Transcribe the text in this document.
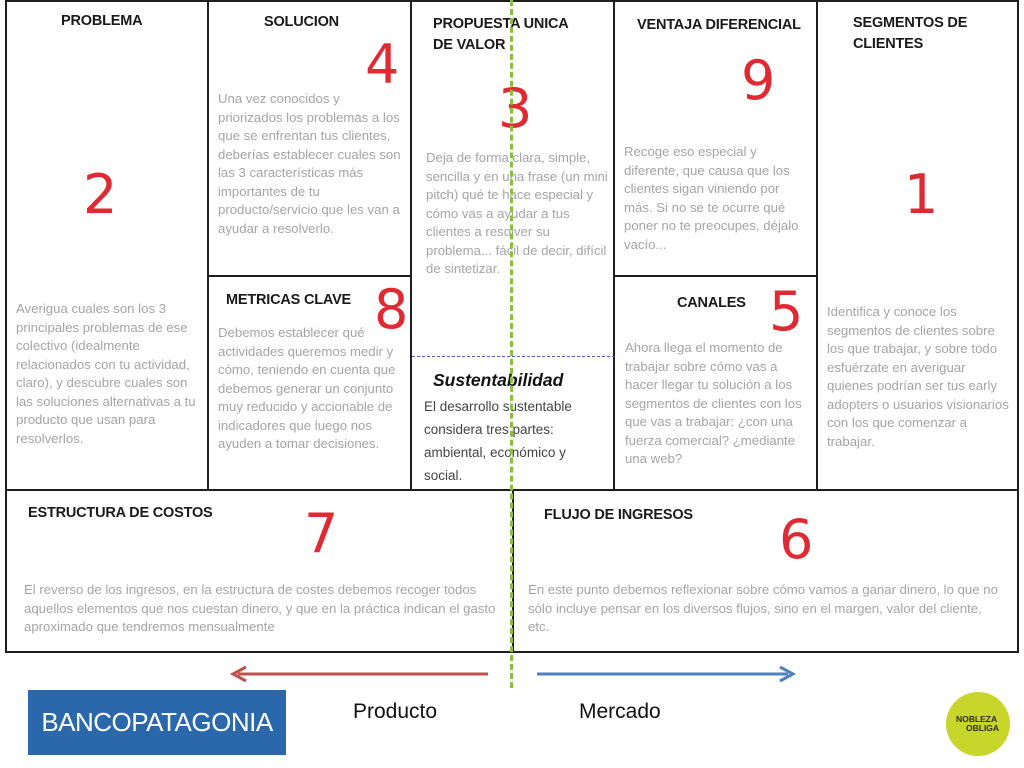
PROBLEMA
2
Averigua cuales son los 3 principales problemas de ese colectivo (idealmente relacionados con tu actividad, claro), y descubre cuales son las soluciones alternativas a tu producto que usan para resolverlos.
SOLUCION
4
Una vez conocidos y priorizados los problemas a los que se enfrentan tus clientes, deberías establecer cuales son las 3 características más importantes de tu producto/servicio que les van a ayudar a resolverlo.
METRICAS CLAVE 8
Debemos establecer qué actividades queremos medir y cómo, teniendo en cuenta que debemos generar un conjunto muy reducido y accionable de indicadores que luego nos ayuden a tomar decisiones.
PROPUESTA UNICA
DE VALOR
3
Deja de forma clara, simple, sencilla y en una frase (un mini pitch) qué te hace especial y cómo vas a ayudar a tus clientes a resolver su problema... fácil de decir, difícil de sintetizar.
Sustentabilidad
El desarrollo sustentable considera tres partes: ambiental, económico y social.
VENTAJA DIFERENCIAL
9
Recoge eso especial y diferente, que causa que los clientes sigan viniendo por más. Si no se te ocurre qué poner no te preocupes, déjalo vacío...
CANALES 5
Ahora llega el momento de trabajar sobre cómo vas a hacer llegar tu solución a los segmentos de clientes con los que vas a trabajar: ¿con una fuerza comercial? ¿mediante una web?
SEGMENTOS DE
CLIENTES
1
Identifica y conoce los segmentos de clientes sobre los que trabajar, y sobre todo esfuérzate en averiguar quienes podrían ser tus early adopters o usuarios visionarios con los que comenzar a trabajar.
ESTRUCTURA DE COSTOS 7
El reverso de los ingresos, en la estructura de costes debemos recoger todos aquellos elementos que nos cuestan dinero, y que en la práctica indican el gasto aproximado que tendremos mensualmente
FLUJO DE INGRESOS 6
En este punto debemos reflexionar sobre cómo vamos a ganar dinero, lo que no sólo incluye pensar en los diversos flujos, sino en el margen, valor del cliente, etc.
Producto	Mercado
BANCOPATAGONIA	NOBLEZA
OBLIGA
